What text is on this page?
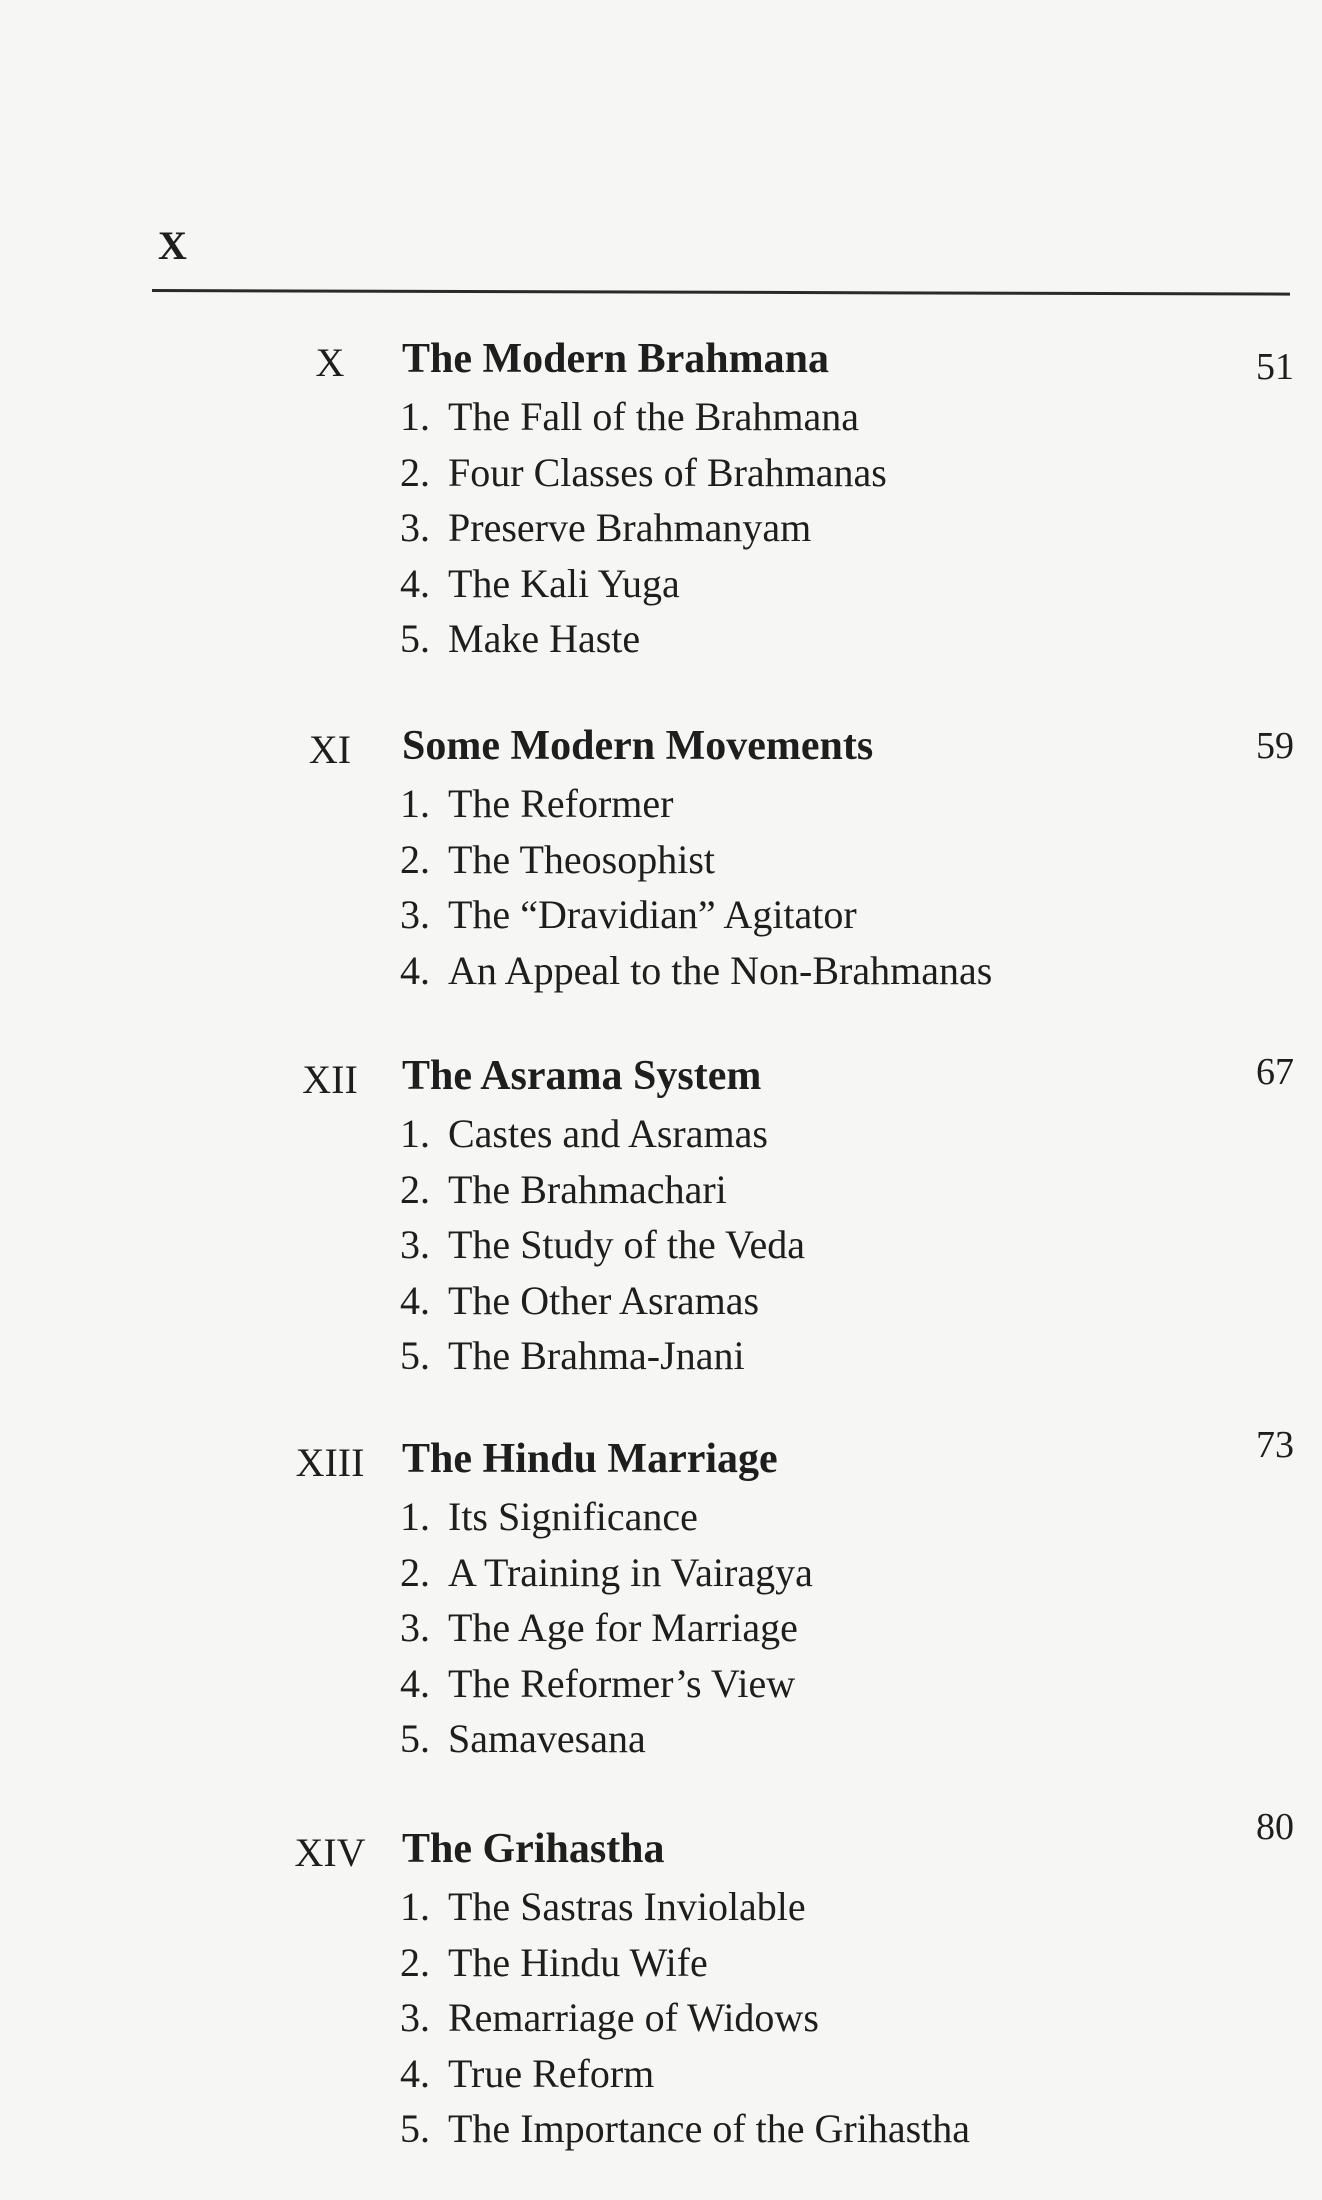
X
X	The Modern Brahmana	51
1. The Fall of the Brahmana
2. Four Classes of Brahmanas
3. Preserve Brahmanyam
4. The Kali Yuga
5. Make Haste
XI	Some Modern Movements	59
1. The Reformer
2. The Theosophist
3. The “Dravidian” Agitator
4. An Appeal to the Non-Brahmanas
XII	The Asrama System	67
1. Castes and Asramas
2. The Brahmachari
3. The Study of the Veda
4. The Other Asramas
5. The Brahma-Jnani
XIII The Hindu Marriage	73
1. Its Significance
2. A Training in Vairagya
3. The Age for Marriage
4. The Reformer’s View
5. Samavesana
XIV The Grihastha	80
1. The Sastras Inviolable
2. The Hindu Wife
3. Remarriage of Widows
4. True Reform
5. The Importance of the Grihastha
